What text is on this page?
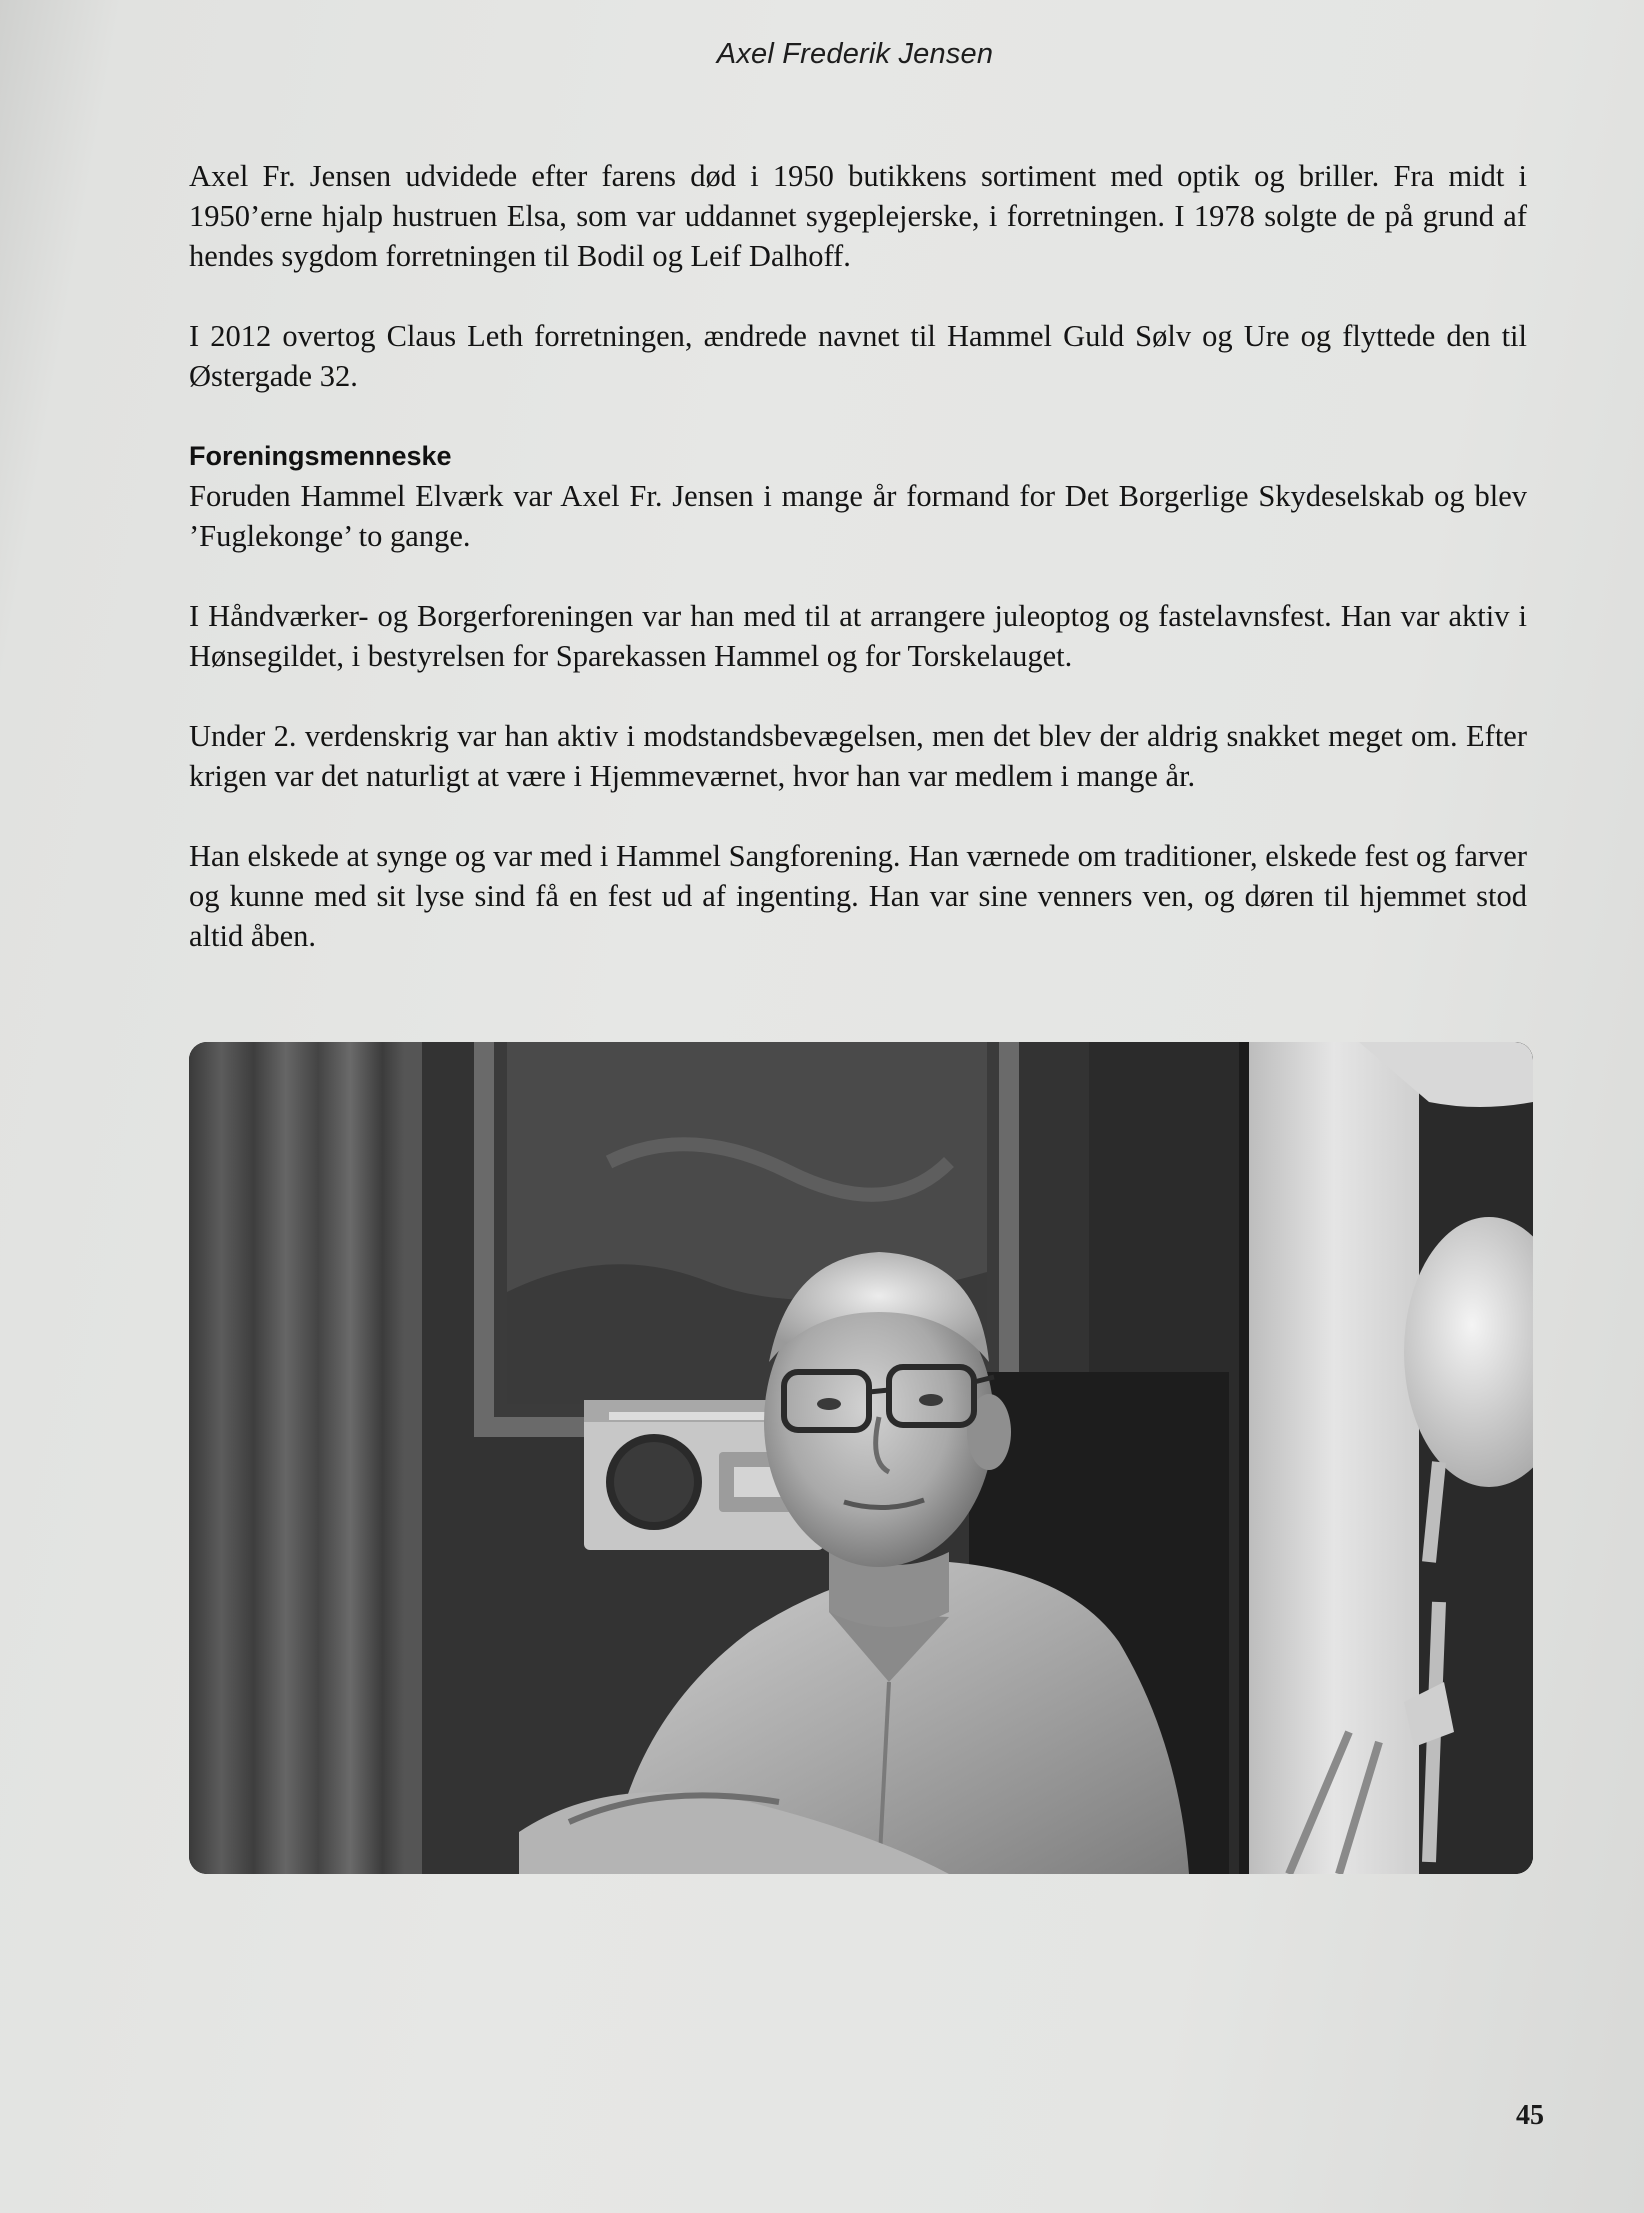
Axel Frederik Jensen

Axel Fr. Jensen udvidede efter farens død i 1950 butikkens sortiment med optik og briller. Fra midt i 1950’erne hjalp hustruen Elsa, som var uddannet sygeplejerske, i forretningen. I 1978 solgte de på grund af hendes sygdom forretningen til Bodil og Leif Dalhoff.

I 2012 overtog Claus Leth forretningen, ændrede navnet til Hammel Guld Sølv og Ure og flyttede den til Østergade 32.

Foreningsmenneske

Foruden Hammel Elværk var Axel Fr. Jensen i mange år formand for Det Borgerlige Skydeselskab og blev ’Fuglekonge’ to gange.

I Håndværker- og Borgerforeningen var han med til at arrangere juleoptog og fastelavnsfest. Han var aktiv i Hønsegildet, i bestyrelsen for Sparekassen Hammel og for Torskelauget.

Under 2. verdenskrig var han aktiv i modstandsbevægelsen, men det blev der aldrig snakket meget om. Efter krigen var det naturligt at være i Hjemmeværnet, hvor han var medlem i mange år.

Han elskede at synge og var med i Hammel Sangforening. Han værnede om traditioner, elskede fest og farver og kunne med sit lyse sind få en fest ud af ingenting. Han var sine venners ven, og døren til hjemmet stod altid åben.

45
